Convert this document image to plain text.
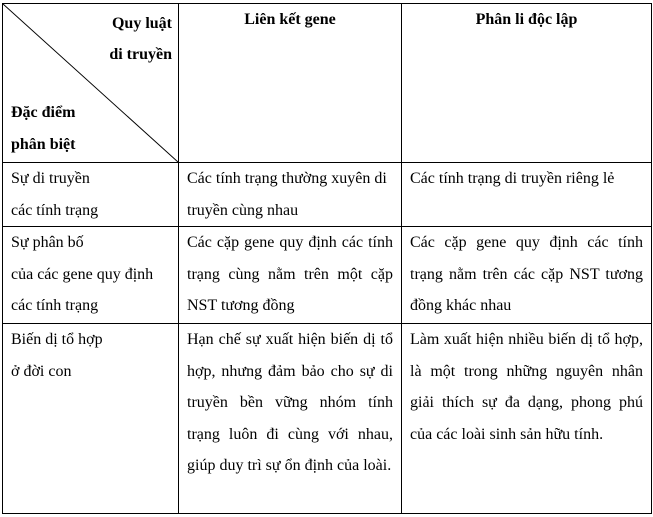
Quy luật
di truyền
Đặc điểm
phân biệt	Liên kết gene	Phân li độc lập

Sự di truyền
các tính trạng	Các tính trạng thường xuyên di truyền cùng nhau	Các tính trạng di truyền riêng lẻ

Sự phân bố
của các gene quy định
các tính trạng	Các cặp gene quy định các tính trạng cùng nằm trên một cặp NST tương đồng	Các cặp gene quy định các tính trạng nằm trên các cặp NST tương đồng khác nhau

Biến dị tổ hợp
ở đời con	Hạn chế sự xuất hiện biến dị tổ hợp, nhưng đảm bảo cho sự di truyền bền vững nhóm tính trạng luôn đi cùng với nhau, giúp duy trì sự ổn định của loài.	Làm xuất hiện nhiều biến dị tổ hợp, là một trong những nguyên nhân giải thích sự đa dạng, phong phú của các loài sinh sản hữu tính.
